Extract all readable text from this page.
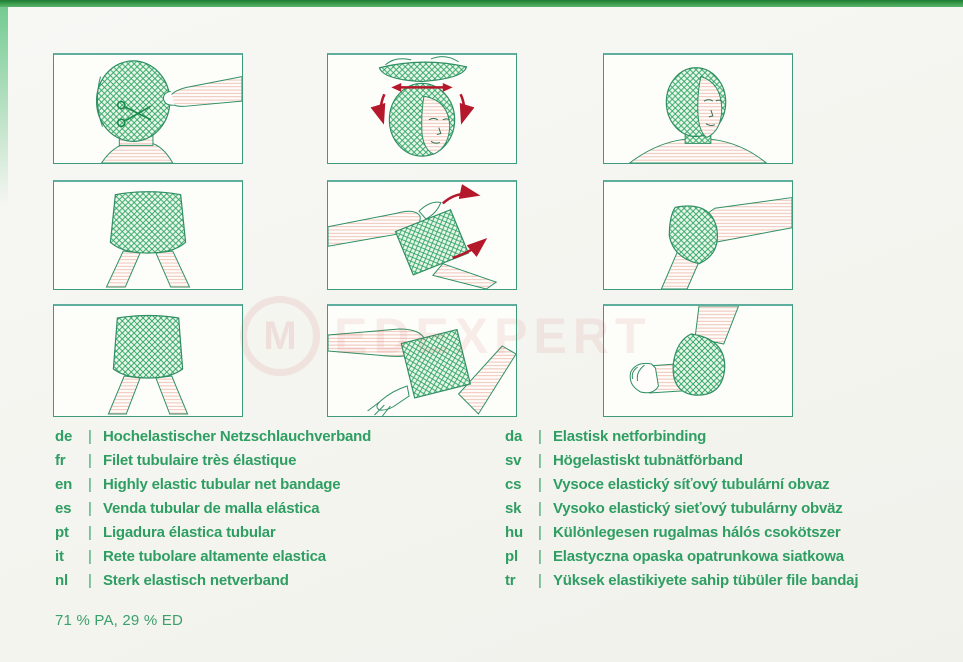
M
de	| Hochelastischer Netzschlauchverband
fr	| Filet tubulaire très élastique
en	| Highly elastic tubular net bandage
es	| Venda tubular de malla elástica
pt	| Ligadura élastica tubular
it	| Rete tubolare altamente elastica
nl	| Sterk elastisch netverband
da	| Elastisk netforbinding
sv	| Högelastiskt tubnätförband
cs	| Vysoce elastický síťový tubulární obvaz
sk	| Vysoko elastický sieťový tubulárny obväz
hu	| Különlegesen rugalmas hálós csokötszer
pl	| Elastyczna opaska opatrunkowa siatkowa
tr	| Yüksek elastikiyete sahip tübüler file bandaj
71 % PA, 29 % ED
